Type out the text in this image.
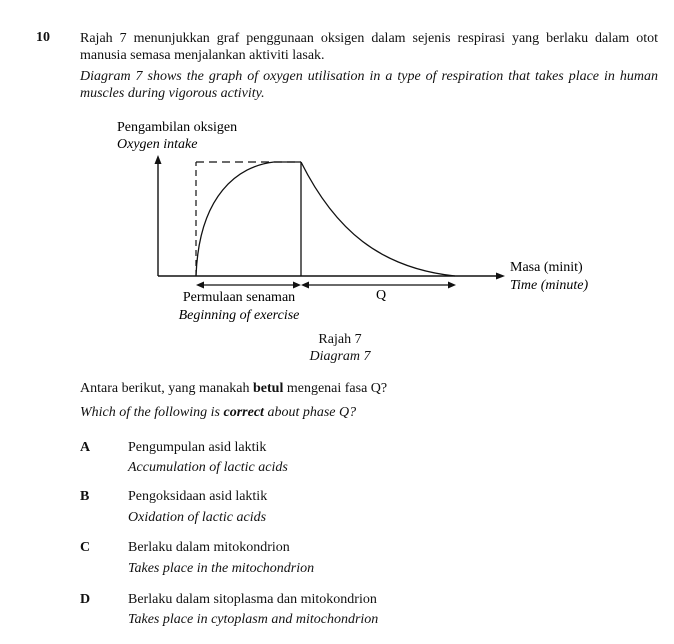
10 Rajah 7 menunjukkan graf penggunaan oksigen dalam sejenis respirasi yang berlaku dalam otot manusia semasa menjalankan aktiviti lasak.
Diagram 7 shows the graph of oxygen utilisation in a type of respiration that takes place in human muscles during vigorous activity.
Pengambilan oksigen
Oxygen intake
Masa (minit)
Time (minute)
Permulaan senaman
Beginning of exercise
Q
Rajah 7
Diagram 7
Antara berikut, yang manakah betul mengenai fasa Q?
Which of the following is correct about phase Q?
A	Pengumpulan asid laktik
Accumulation of lactic acids
B	Pengoksidaan asid laktik
Oxidation of lactic acids
C	Berlaku dalam mitokondrion
Takes place in the mitochondrion
D	Berlaku dalam sitoplasma dan mitokondrion
Takes place in cytoplasm and mitochondrion
